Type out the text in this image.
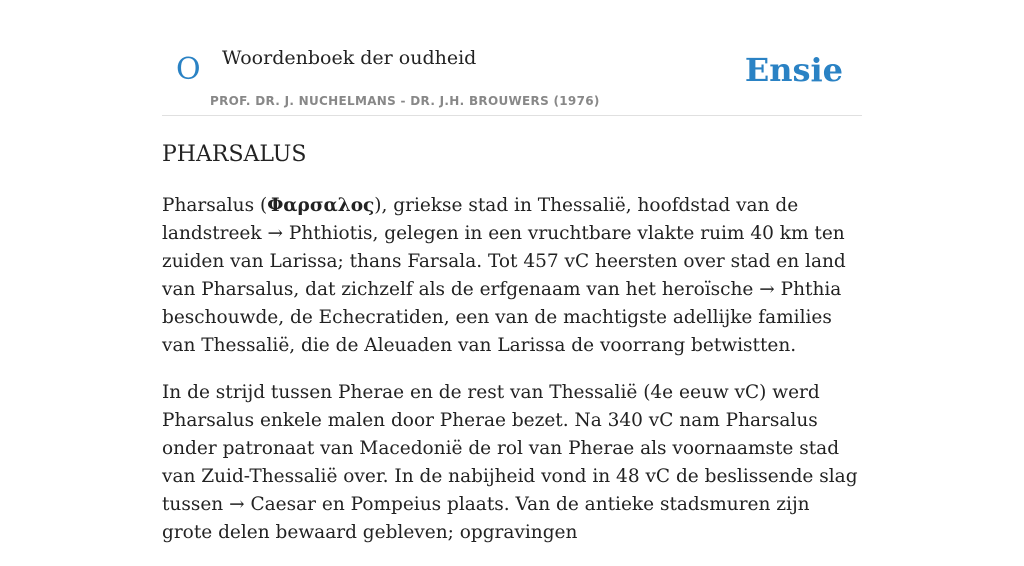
O Woordenboek der oudheid	Ensie
PROF. DR. J. NUCHELMANS - DR. J.H. BROUWERS (1976)
PHARSALUS

Pharsalus (Φαρσαλος), griekse stad in Thessalië, hoofdstad van de landstreek → Phthiotis, gelegen in een vruchtbare vlakte ruim 40 km ten zuiden van Larissa; thans Farsala. Tot 457 vC heersten over stad en land van Pharsalus, dat zichzelf als de erfgenaam van het heroïsche → Phthia beschouwde, de Echecratiden, een van de machtigste adellijke families van Thessalië, die de Aleuaden van Larissa de voorrang betwistten.

In de strijd tussen Pherae en de rest van Thessalië (4e eeuw vC) werd Pharsalus enkele malen door Pherae bezet. Na 340 vC nam Pharsalus onder patronaat van Macedonië de rol van Pherae als voornaamste stad van Zuid-Thessalië over. In de nabijheid vond in 48 vC de beslissende slag tussen → Caesar en Pompeius plaats. Van de antieke stadsmuren zijn grote delen bewaard gebleven; opgravingen
